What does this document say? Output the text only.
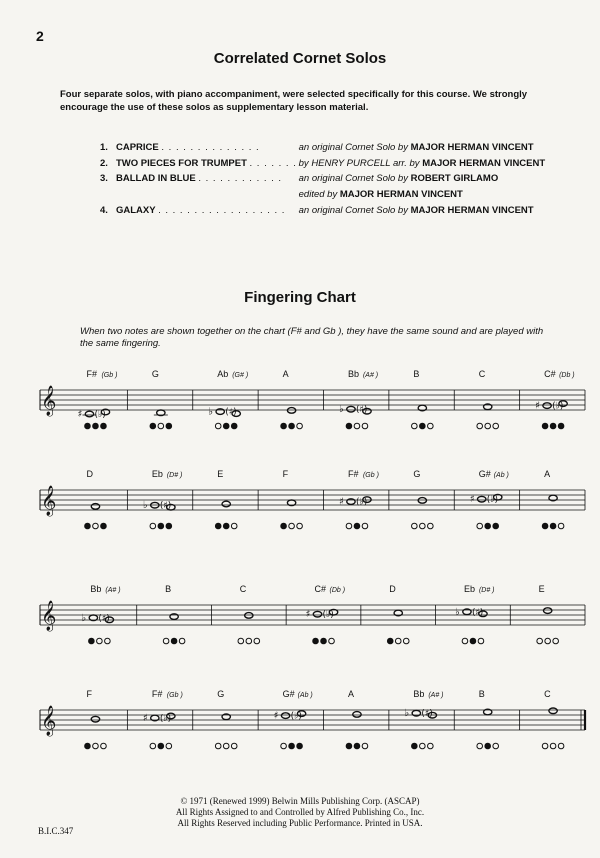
2
Correlated Cornet Solos
Four separate solos, with piano accompaniment, were selected specifically for this course. We strongly encourage the use of these solos as supplementary lesson material.
1. CAPRICE . . . . . . . . . . . . . .	an original Cornet Solo by MAJOR HERMAN VINCENT
2. TWO PIECES FOR TRUMPET . . . . . . . by HENRY PURCELL arr. by MAJOR HERMAN VINCENT
3. BALLAD IN BLUE . . . . . . . . . . . . an original Cornet Solo by ROBERT GIRLAMO
edited by MAJOR HERMAN VINCENT
4. GALAXY . . . . . . . . . . . . . . . . . . an original Cornet Solo by MAJOR HERMAN VINCENT
Fingering Chart
When two notes are shown together on the chart (F# and Gb ), they have the same sound and are played with the same fingering.
𝄞
F# (Gb )
♯ (♭)
G	Ab (G# )
♭ (♯)
A	Bb (A# )
♭ (♯)
B	C	C# (Db )
♯ (♭)
𝄞
D	Eb (D# )
♭ (♯)
E	F	F# (Gb )
♯ (♭)
G	G# (Ab )
♯ (♭)
A
𝄞
Bb (A# )
♭ (♯)
B	C	C# (Db )
♯ (♭)
D	Eb (D# )
♭ (♯)
E
𝄞
F	F# (Gb )
♯ (♭)
G	G# (Ab )
♯ (♭)
A	Bb (A# )
♭ (♯)
B	C
© 1971 (Renewed 1999) Belwin Mills Publishing Corp. (ASCAP)
All Rights Assigned to and Controlled by Alfred Publishing Co., Inc.
All Rights Reserved including Public Performance. Printed in USA.
B.I.C.347
